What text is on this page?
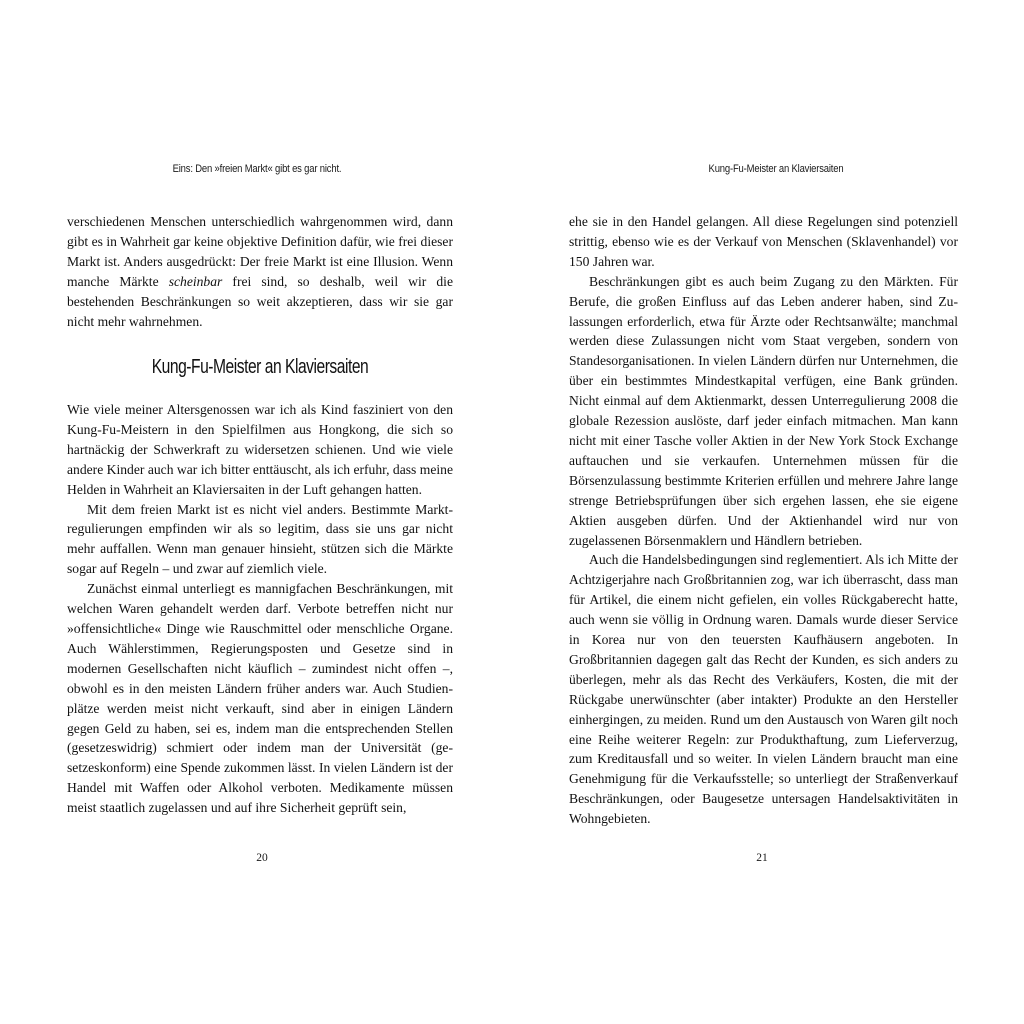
Eins: Den »freien Markt« gibt es gar nicht.

verschiedenen Menschen unterschiedlich wahrgenommen wird, dann gibt es in Wahrheit gar keine objektive Definition dafür, wie frei dieser Markt ist. Anders ausgedrückt: Der freie Markt ist eine Illusion. Wenn manche Märkte scheinbar frei sind, so deshalb, weil wir die bestehenden Beschränkungen so weit akzeptieren, dass wir sie gar nicht mehr wahrnehmen.

Kung-Fu-Meister an Klaviersaiten

Wie viele meiner Altersgenossen war ich als Kind fasziniert von den Kung-Fu-Meistern in den Spielfilmen aus Hongkong, die sich so hartnäckig der Schwerkraft zu widersetzen schienen. Und wie viele andere Kinder auch war ich bitter enttäuscht, als ich erfuhr, dass meine Helden in Wahrheit an Klaviersaiten in der Luft gehangen hatten.

Mit dem freien Markt ist es nicht viel anders. Bestimmte Marktregulierungen empfinden wir als so legitim, dass sie uns gar nicht mehr auffallen. Wenn man genauer hinsieht, stützen sich die Märkte sogar auf Regeln – und zwar auf ziemlich viele.

Zunächst einmal unterliegt es mannigfachen Beschränkungen, mit welchen Waren gehandelt werden darf. Verbote betreffen nicht nur »offensichtliche« Dinge wie Rauschmittel oder menschliche Organe. Auch Wählerstimmen, Regierungsposten und Gesetze sind in modernen Gesellschaften nicht käuflich – zumindest nicht offen –, obwohl es in den meisten Ländern früher anders war. Auch Studienplätze werden meist nicht verkauft, sind aber in einigen Ländern gegen Geld zu haben, sei es, indem man die entsprechenden Stellen (gesetzeswidrig) schmiert oder indem man der Universität (gesetzeskonform) eine Spende zukommen lässt. In vielen Ländern ist der Handel mit Waffen oder Alkohol verboten. Medikamente müssen meist staatlich zugelassen und auf ihre Sicherheit geprüft sein,

20
Kung-Fu-Meister an Klaviersaiten

ehe sie in den Handel gelangen. All diese Regelungen sind potenziell strittig, ebenso wie es der Verkauf von Menschen (Sklavenhandel) vor 150 Jahren war.

Beschränkungen gibt es auch beim Zugang zu den Märkten. Für Berufe, die großen Einfluss auf das Leben anderer haben, sind Zulassungen erforderlich, etwa für Ärzte oder Rechtsanwälte; manchmal werden diese Zulassungen nicht vom Staat vergeben, sondern von Standesorganisationen. In vielen Ländern dürfen nur Unternehmen, die über ein bestimmtes Mindestkapital verfügen, eine Bank gründen. Nicht einmal auf dem Aktienmarkt, dessen Unterregulierung 2008 die globale Rezession auslöste, darf jeder einfach mitmachen. Man kann nicht mit einer Tasche voller Aktien in der New York Stock Exchange auftauchen und sie verkaufen. Unternehmen müssen für die Börsenzulassung bestimmte Kriterien erfüllen und mehrere Jahre lange strenge Betriebsprüfungen über sich ergehen lassen, ehe sie eigene Aktien ausgeben dürfen. Und der Aktienhandel wird nur von zugelassenen Börsenmaklern und Händlern betrieben.

Auch die Handelsbedingungen sind reglementiert. Als ich Mitte der Achtzigerjahre nach Großbritannien zog, war ich überrascht, dass man für Artikel, die einem nicht gefielen, ein volles Rückgaberecht hatte, auch wenn sie völlig in Ordnung waren. Damals wurde dieser Service in Korea nur von den teuersten Kaufhäusern angeboten. In Großbritannien dagegen galt das Recht der Kunden, es sich anders zu überlegen, mehr als das Recht des Verkäufers, Kosten, die mit der Rückgabe unerwünschter (aber intakter) Produkte an den Hersteller einhergingen, zu meiden. Rund um den Austausch von Waren gilt noch eine Reihe weiterer Regeln: zur Produkthaftung, zum Lieferverzug, zum Kreditausfall und so weiter. In vielen Ländern braucht man eine Genehmigung für die Verkaufsstelle; so unterliegt der Straßenverkauf Beschränkungen, oder Baugesetze untersagen Handelsaktivitäten in Wohngebieten.

21
